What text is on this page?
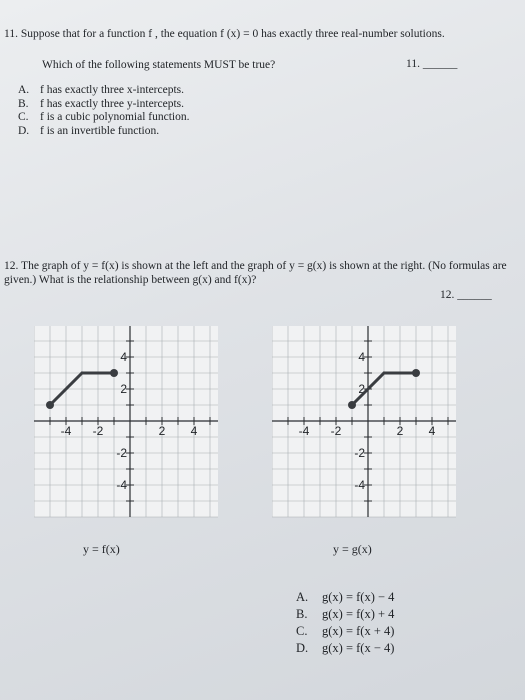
11. Suppose that for a function f , the equation f (x) = 0 has exactly three real-number solutions.
Which of the following statements MUST be true?	11. ______
A. f has exactly three x-intercepts.
B. f has exactly three y-intercepts.
C. f is a cubic polynomial function.
D. f is an invertible function.
12. The graph of y = f(x) is shown at the left and the graph of y = g(x) is shown at the right. (No formulas are given.) What is the relationship between g(x) and f(x)?
12. ______
-4 -2	2 4
4
2
-2
-4
-4 -2	2 4
4
2
-2
-4
y = f(x)	y = g(x)
A.	g(x) = f(x) − 4
B.	g(x) = f(x) + 4
C.	g(x) = f(x + 4)
D.	g(x) = f(x − 4)
